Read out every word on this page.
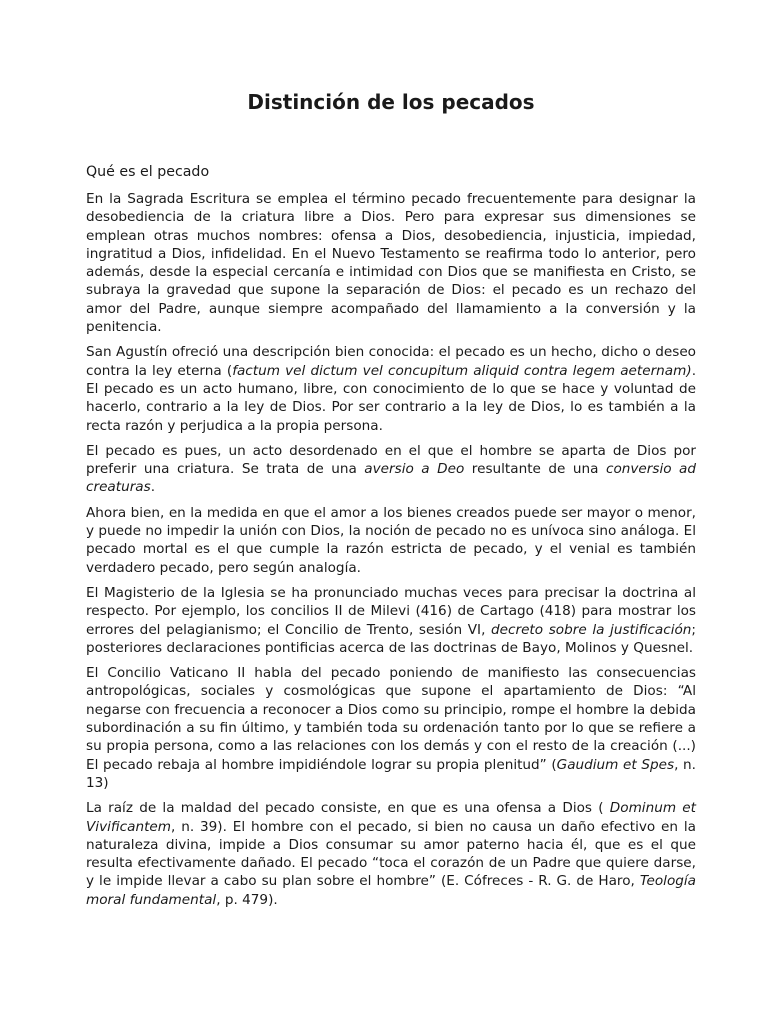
Distinción de los pecados
Qué es el pecado

En la Sagrada Escritura se emplea el término pecado frecuentemente para designar la desobediencia de la criatura libre a Dios. Pero para expresar sus dimensiones se emplean otras muchos nombres: ofensa a Dios, desobediencia, injusticia, impiedad, ingratitud a Dios, infidelidad. En el Nuevo Testamento se reafirma todo lo anterior, pero además, desde la especial cercanía e intimidad con Dios que se manifiesta en Cristo, se subraya la gravedad que supone la separación de Dios: el pecado es un rechazo del amor del Padre, aunque siempre acompañado del llamamiento a la conversión y la penitencia.

San Agustín ofreció una descripción bien conocida: el pecado es un hecho, dicho o deseo contra la ley eterna (factum vel dictum vel concupitum aliquid contra legem aeternam). El pecado es un acto humano, libre, con conocimiento de lo que se hace y voluntad de hacerlo, contrario a la ley de Dios. Por ser contrario a la ley de Dios, lo es también a la recta razón y perjudica a la propia persona.

El pecado es pues, un acto desordenado en el que el hombre se aparta de Dios por preferir una criatura. Se trata de una aversio a Deo resultante de una conversio ad creaturas.

Ahora bien, en la medida en que el amor a los bienes creados puede ser mayor o menor, y puede no impedir la unión con Dios, la noción de pecado no es unívoca sino análoga. El pecado mortal es el que cumple la razón estricta de pecado, y el venial es también verdadero pecado, pero según analogía.

El Magisterio de la Iglesia se ha pronunciado muchas veces para precisar la doctrina al respecto. Por ejemplo, los concilios II de Milevi (416) de Cartago (418) para mostrar los errores del pelagianismo; el Concilio de Trento, sesión VI, decreto sobre la justificación; posteriores declaraciones pontificias acerca de las doctrinas de Bayo, Molinos y Quesnel.

El Concilio Vaticano II habla del pecado poniendo de manifiesto las consecuencias antropológicas, sociales y cosmológicas que supone el apartamiento de Dios: “Al negarse con frecuencia a reconocer a Dios como su principio, rompe el hombre la debida subordinación a su fin último, y también toda su ordenación tanto por lo que se refiere a su propia persona, como a las relaciones con los demás y con el resto de la creación (...) El pecado rebaja al hombre impidiéndole lograr su propia plenitud” (Gaudium et Spes, n. 13)

La raíz de la maldad del pecado consiste, en que es una ofensa a Dios ( Dominum et Vivificantem, n. 39). El hombre con el pecado, si bien no causa un daño efectivo en la naturaleza divina, impide a Dios consumar su amor paterno hacia él, que es el que resulta efectivamente dañado. El pecado “toca el corazón de un Padre que quiere darse, y le impide llevar a cabo su plan sobre el hombre” (E. Cófreces - R. G. de Haro, Teología moral fundamental, p. 479).
